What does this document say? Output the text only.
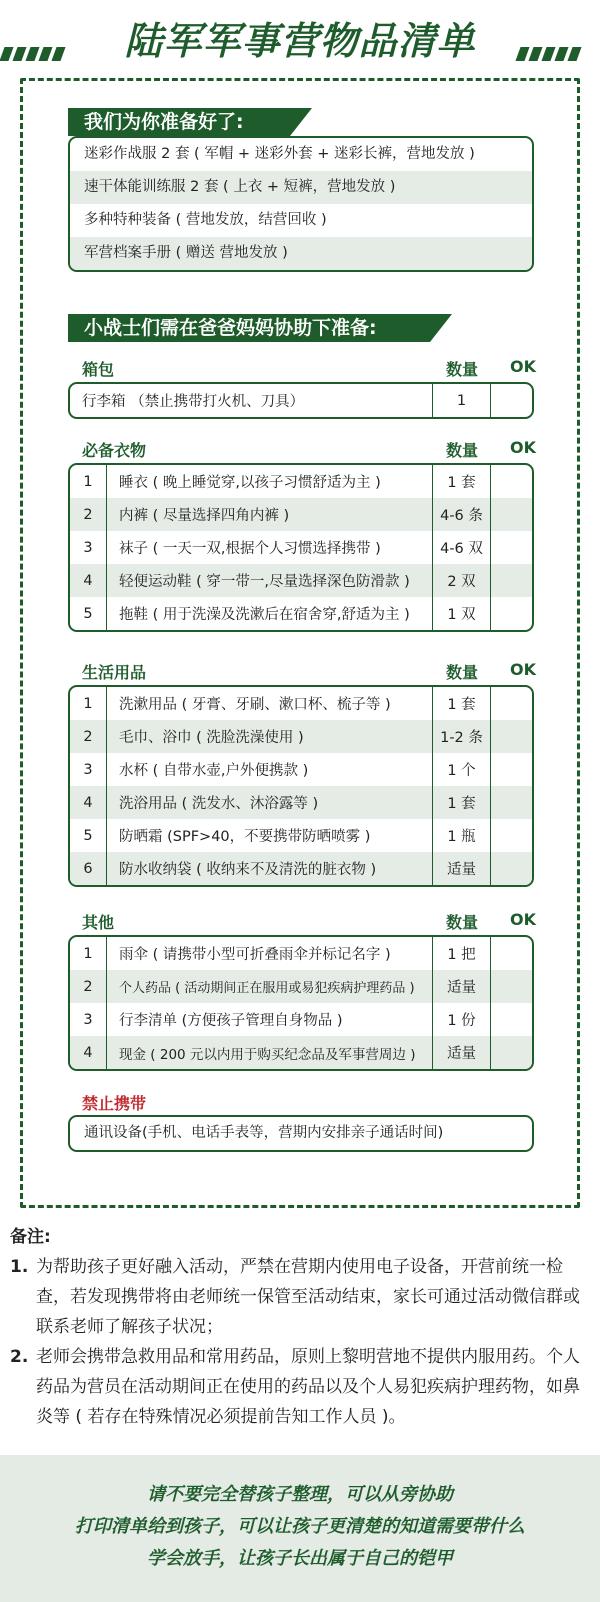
陆军军事营物品清单
我们为你准备好了:
迷彩作战服 2 套 ( 军帽 + 迷彩外套 + 迷彩长裤，营地发放 )
速干体能训练服 2 套 ( 上衣 + 短裤，营地发放 )
多种特种装备 ( 营地发放，结营回收 )
军营档案手册 ( 赠送 营地发放 )
小战士们需在爸爸妈妈协助下准备:
箱包	数量 OK
行李箱 （禁止携带打火机、刀具）	1	
必备衣物	数量 OK
1	睡衣 ( 晚上睡觉穿,以孩子习惯舒适为主 )	1 套	
2	内裤 ( 尽量选择四角内裤 )	4-6 条	
3	袜子 ( 一天一双,根据个人习惯选择携带 )	4-6 双	
4	轻便运动鞋 ( 穿一带一,尽量选择深色防滑款 )	2 双	
5	拖鞋 ( 用于洗澡及洗漱后在宿舍穿,舒适为主 )	1 双	
生活用品	数量 OK
1	洗漱用品 ( 牙膏、牙刷、漱口杯、梳子等 )	1 套	
2	毛巾、浴巾 ( 洗脸洗澡使用 )	1-2 条	
3	水杯 ( 自带水壶,户外便携款 )	1 个	
4	洗浴用品 ( 洗发水、沐浴露等 )	1 套	
5	防晒霜 (SPF>40，不要携带防晒喷雾 )	1 瓶	
6	防水收纳袋 ( 收纳来不及清洗的脏衣物 )	适量	
其他	数量 OK
1	雨伞 ( 请携带小型可折叠雨伞并标记名字 )	1 把	
2	个人药品 ( 活动期间正在服用或易犯疾病护理药品 )	适量	
3	行李清单 (方便孩子管理自身物品 )	1 份	
4	现金 ( 200 元以内用于购买纪念品及军事营周边 )	适量	
禁止携带
通讯设备(手机、电话手表等，营期内安排亲子通话时间)
备注:
1. 为帮助孩子更好融入活动，严禁在营期内使用电子设备，开营前统一检查，若发现携带将由老师统一保管至活动结束，家长可通过活动微信群或联系老师了解孩子状况；
2. 老师会携带急救用品和常用药品，原则上黎明营地不提供内服用药。个人药品为营员在活动期间正在使用的药品以及个人易犯疾病护理药物，如鼻炎等 ( 若存在特殊情况必须提前告知工作人员 )。
请不要完全替孩子整理，可以从旁协助
打印清单给到孩子，可以让孩子更清楚的知道需要带什么
学会放手，让孩子长出属于自己的铠甲
